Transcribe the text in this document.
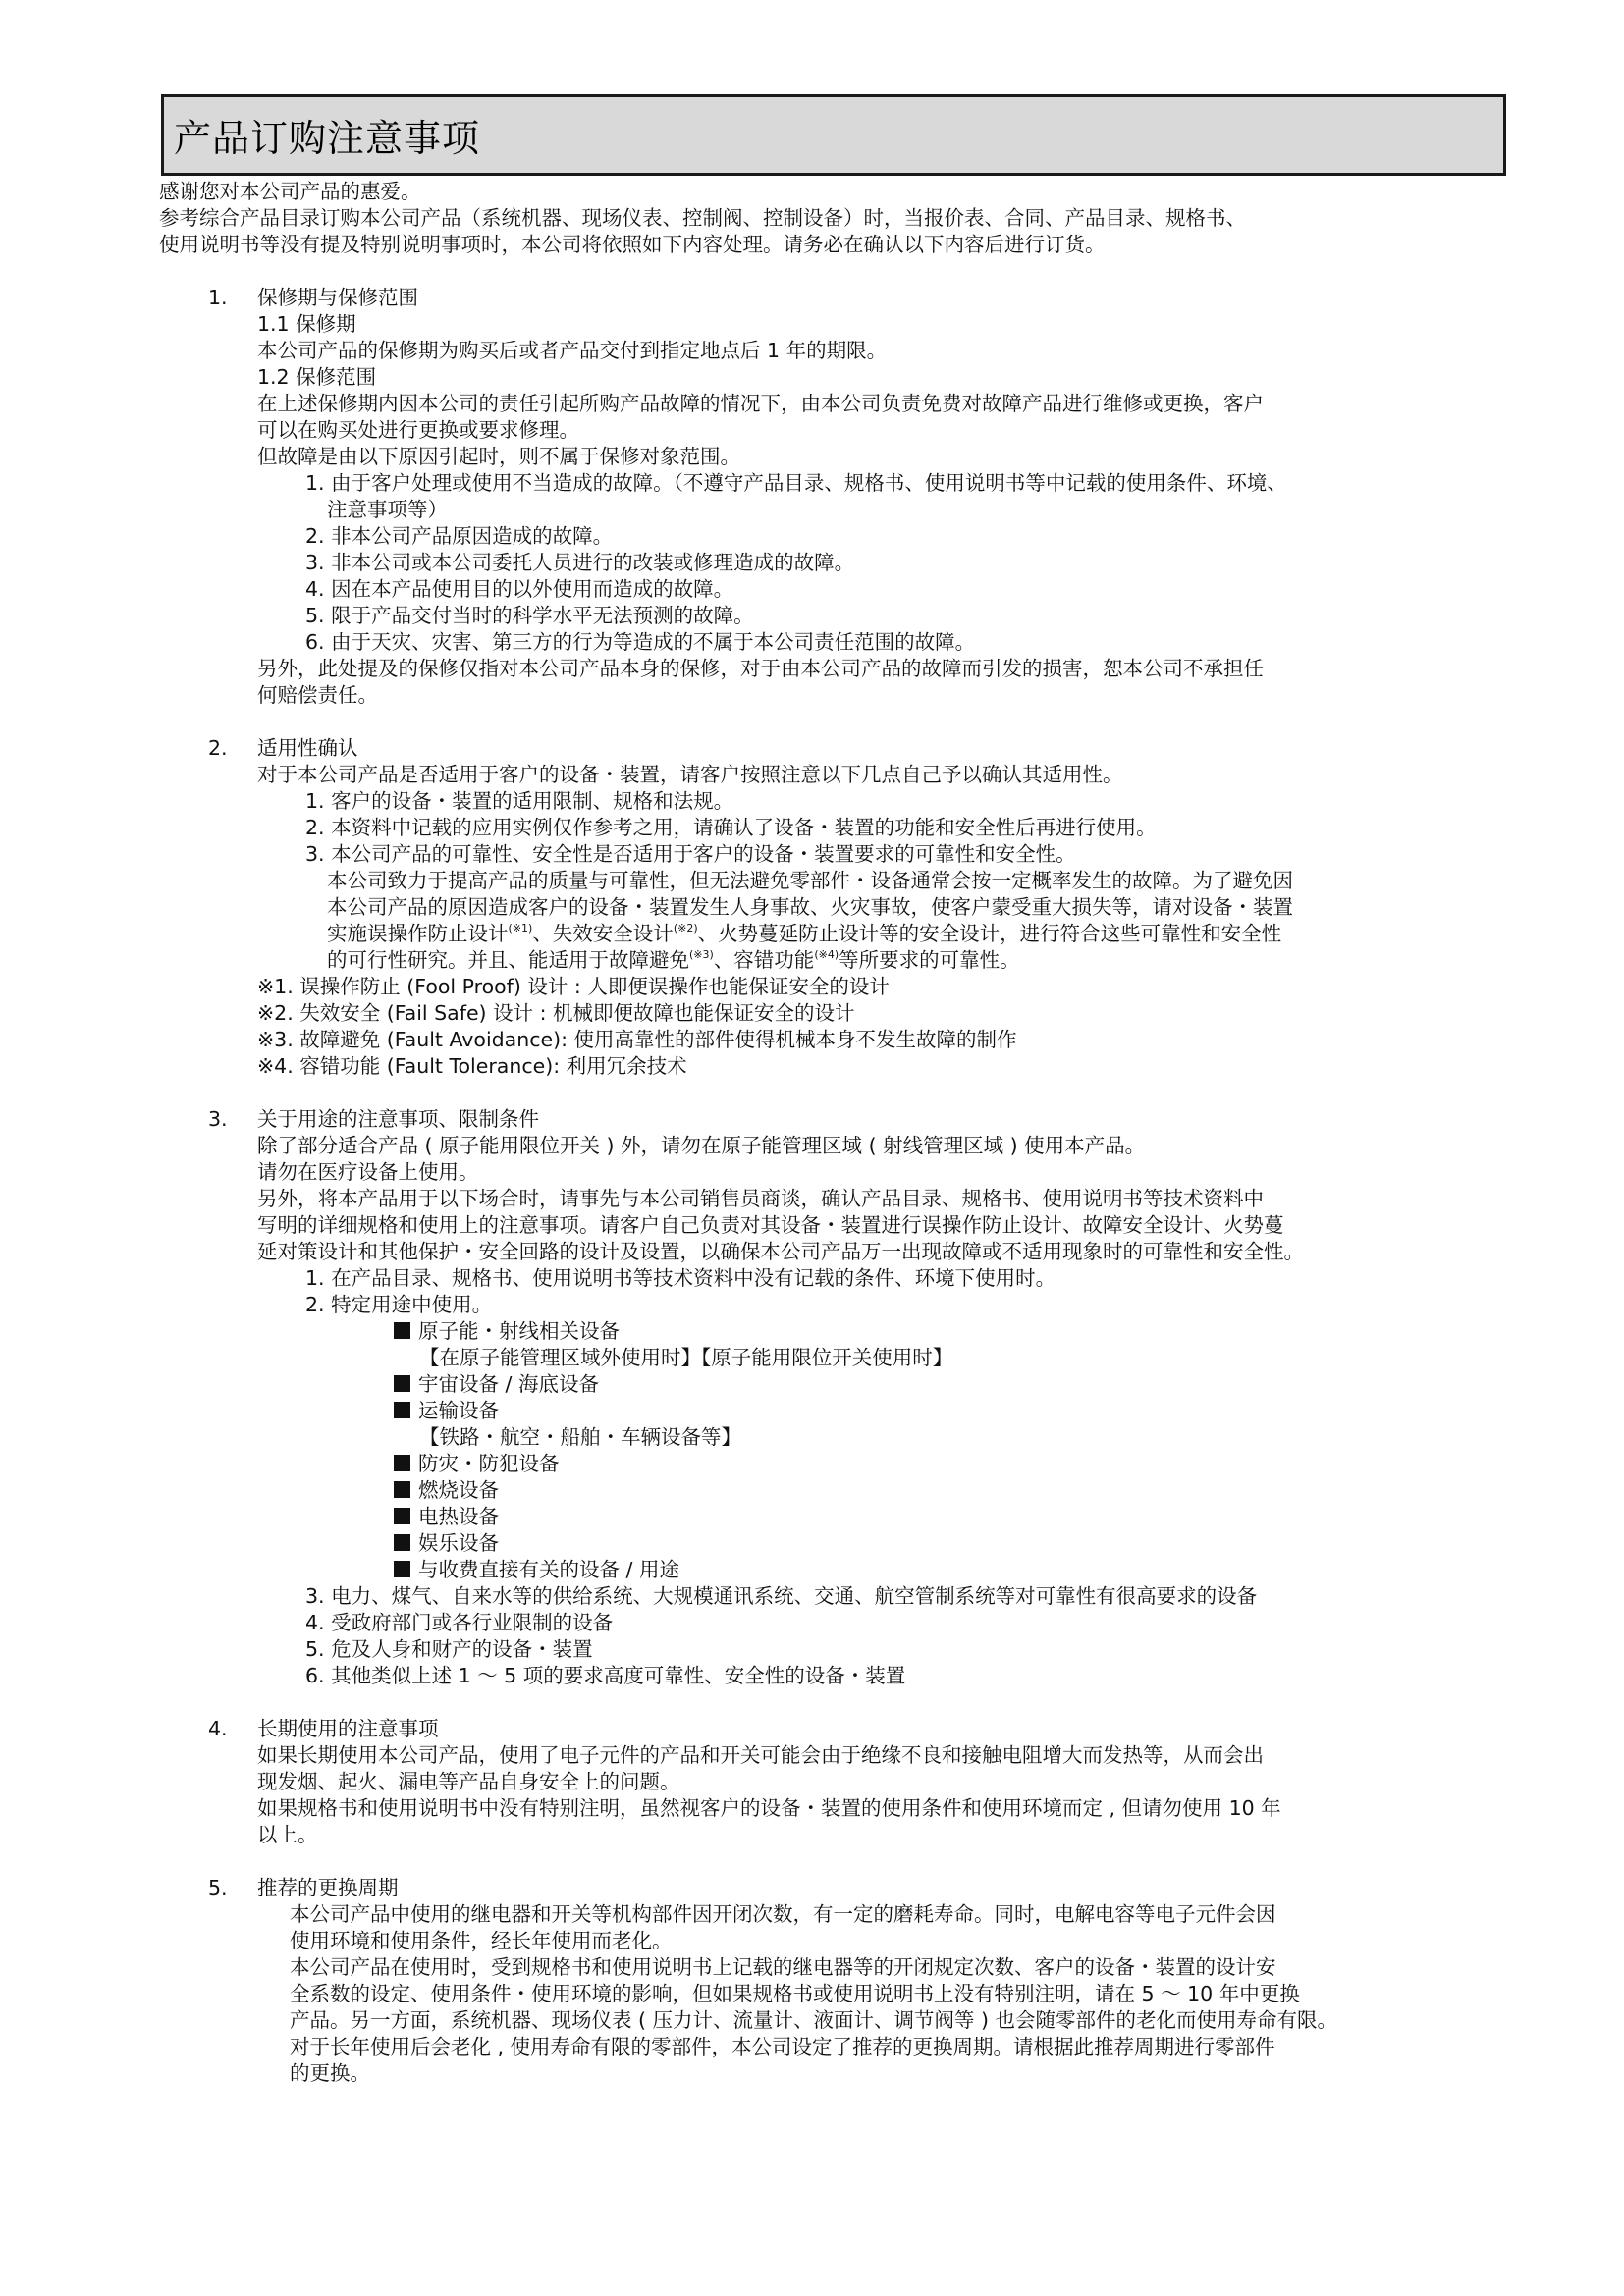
产品订购注意事项

感谢您对本公司产品的惠爱。

参考综合产品目录订购本公司产品（系统机器、现场仪表、控制阀、控制设备）时，当报价表、合同、产品目录、规格书、

使用说明书等没有提及特别说明事项时，本公司将依照如下内容处理。请务必在确认以下内容后进行订货。

1.	保修期与保修范围

1.1 保修期

本公司产品的保修期为购买后或者产品交付到指定地点后 1 年的期限。

1.2 保修范围

在上述保修期内因本公司的责任引起所购产品故障的情况下，由本公司负责免费对故障产品进行维修或更换，客户

可以在购买处进行更换或要求修理。

但故障是由以下原因引起时，则不属于保修对象范围。

1. 由于客户处理或使用不当造成的故障。（不遵守产品目录、规格书、使用说明书等中记载的使用条件、环境、

注意事项等）

2. 非本公司产品原因造成的故障。

3. 非本公司或本公司委托人员进行的改装或修理造成的故障。

4. 因在本产品使用目的以外使用而造成的故障。

5. 限于产品交付当时的科学水平无法预测的故障。

6. 由于天灾、灾害、第三方的行为等造成的不属于本公司责任范围的故障。

另外，此处提及的保修仅指对本公司产品本身的保修，对于由本公司产品的故障而引发的损害，恕本公司不承担任

何赔偿责任。

2.	适用性确认

对于本公司产品是否适用于客户的设备・装置，请客户按照注意以下几点自己予以确认其适用性。

1. 客户的设备・装置的适用限制、规格和法规。

2. 本资料中记载的应用实例仅作参考之用，请确认了设备・装置的功能和安全性后再进行使用。

3. 本公司产品的可靠性、安全性是否适用于客户的设备・装置要求的可靠性和安全性。

本公司致力于提高产品的质量与可靠性，但无法避免零部件・设备通常会按一定概率发生的故障。为了避免因

本公司产品的原因造成客户的设备・装置发生人身事故、火灾事故，使客户蒙受重大损失等，请对设备・装置

实施误操作防止设计$^{(※1)}$、失效安全设计$^{(※2)}$、火势蔓延防止设计等的安全设计，进行符合这些可靠性和安全性

的可行性研究。并且、能适用于故障避免$^{(※3)}$、容错功能$^{(※4)}$等所要求的可靠性。

※1. 误操作防止 (Fool Proof) 设计 : 人即便误操作也能保证安全的设计

※2. 失效安全 (Fail Safe) 设计 : 机械即便故障也能保证安全的设计

※3. 故障避免 (Fault Avoidance): 使用高靠性的部件使得机械本身不发生故障的制作

※4. 容错功能 (Fault Tolerance): 利用冗余技术

3.	关于用途的注意事项、限制条件

除了部分适合产品 ( 原子能用限位开关 ) 外，请勿在原子能管理区域 ( 射线管理区域 ) 使用本产品。

请勿在医疗设备上使用。

另外，将本产品用于以下场合时，请事先与本公司销售员商谈，确认产品目录、规格书、使用说明书等技术资料中

写明的详细规格和使用上的注意事项。请客户自己负责对其设备・装置进行误操作防止设计、故障安全设计、火势蔓

延对策设计和其他保护・安全回路的设计及设置，以确保本公司产品万一出现故障或不适用现象时的可靠性和安全性。

1. 在产品目录、规格书、使用说明书等技术资料中没有记载的条件、环境下使用时。

2. 特定用途中使用。

原子能・射线相关设备

【在原子能管理区域外使用时】【原子能用限位开关使用时】

宇宙设备 / 海底设备

运输设备

【铁路・航空・船舶・车辆设备等】

防灾・防犯设备

燃烧设备

电热设备

娱乐设备

与收费直接有关的设备 / 用途

3. 电力、煤气、自来水等的供给系统、大规模通讯系统、交通、航空管制系统等对可靠性有很高要求的设备

4. 受政府部门或各行业限制的设备

5. 危及人身和财产的设备・装置

6. 其他类似上述 1 ～ 5 项的要求高度可靠性、安全性的设备・装置

4.	长期使用的注意事项

如果长期使用本公司产品，使用了电子元件的产品和开关可能会由于绝缘不良和接触电阻增大而发热等，从而会出

现发烟、起火、漏电等产品自身安全上的问题。

如果规格书和使用说明书中没有特别注明，虽然视客户的设备・装置的使用条件和使用环境而定 , 但请勿使用 10 年

以上。

5.	推荐的更换周期

本公司产品中使用的继电器和开关等机构部件因开闭次数，有一定的磨耗寿命。同时，电解电容等电子元件会因

使用环境和使用条件，经长年使用而老化。

本公司产品在使用时，受到规格书和使用说明书上记载的继电器等的开闭规定次数、客户的设备・装置的设计安

全系数的设定、使用条件・使用环境的影响，但如果规格书或使用说明书上没有特别注明，请在 5 ～ 10 年中更换

产品。另一方面，系统机器、现场仪表 ( 压力计、流量计、液面计、调节阀等 ) 也会随零部件的老化而使用寿命有限。

对于长年使用后会老化 , 使用寿命有限的零部件，本公司设定了推荐的更换周期。请根据此推荐周期进行零部件

的更换。
